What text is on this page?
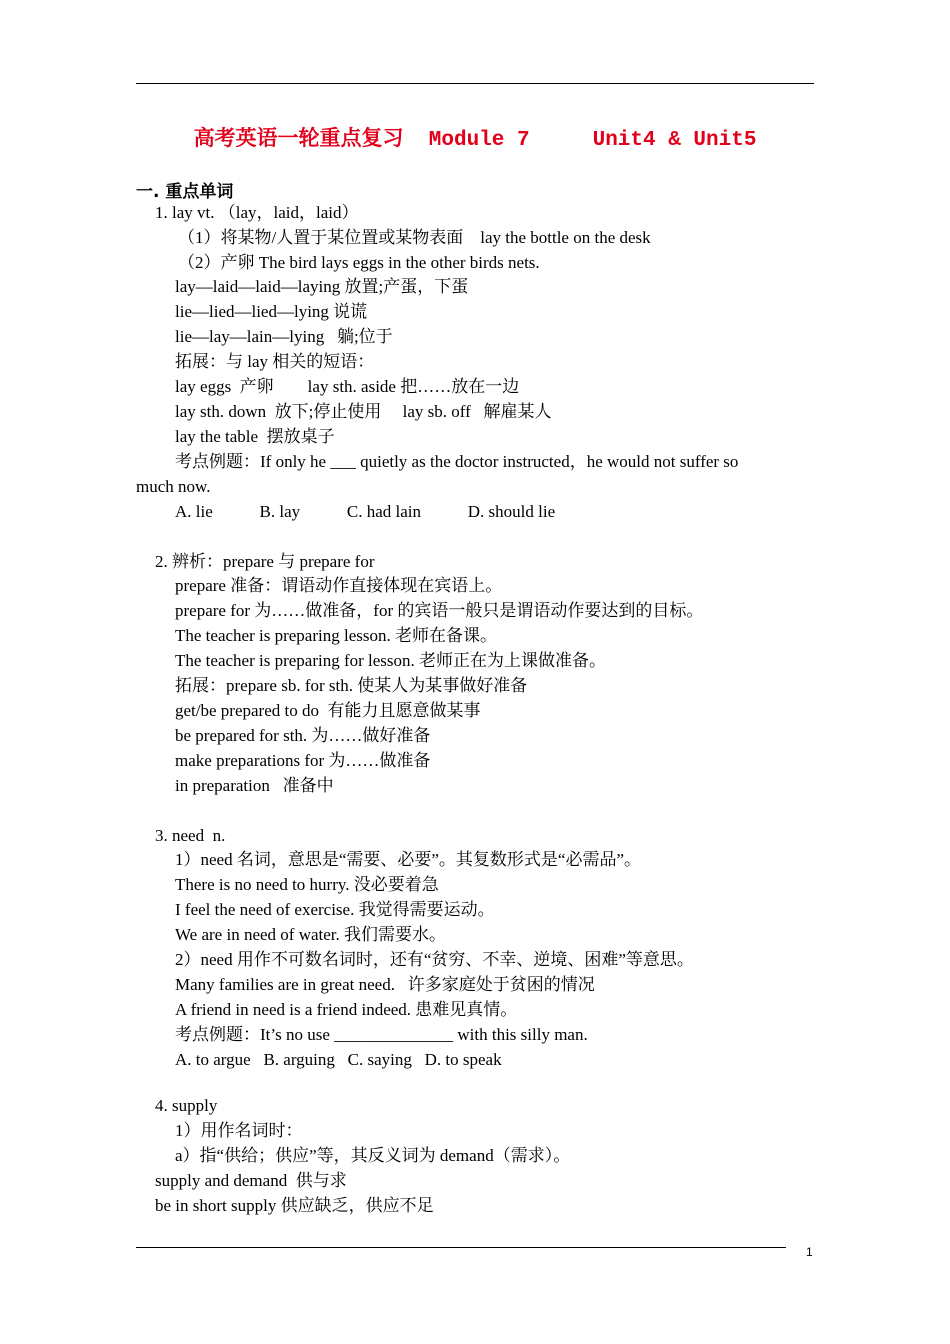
高考英语一轮重点复习  Module 7     Unit4 & Unit5
一. 重点单词
1. lay vt. （lay，laid，laid）
（1）将某物/人置于某位置或某物表面    lay the bottle on the desk
（2）产卵 The bird lays eggs in the other birds nets.
lay—laid—laid—laying 放置;产蛋，下蛋
lie—lied—lied—lying 说谎
lie—lay—lain—lying   躺;位于
拓展：与 lay 相关的短语：
lay eggs  产卵        lay sth. aside 把……放在一边
lay sth. down  放下;停止使用     lay sb. off   解雇某人
lay the table  摆放桌子
考点例题：If only he ___ quietly as the doctor instructed，he would not suffer so
much now.
A. lie           B. lay           C. had lain           D. should lie
2. 辨析：prepare 与 prepare for
prepare 准备：谓语动作直接体现在宾语上。
prepare for 为……做准备，for 的宾语一般只是谓语动作要达到的目标。
The teacher is preparing lesson. 老师在备课。
The teacher is preparing for lesson. 老师正在为上课做准备。
拓展：prepare sb. for sth. 使某人为某事做好准备
get/be prepared to do  有能力且愿意做某事
be prepared for sth. 为……做好准备
make preparations for 为……做准备
in preparation   准备中
3. need  n.
1）need 名词，意思是“需要、必要”。其复数形式是“必需品”。
There is no need to hurry. 没必要着急
I feel the need of exercise. 我觉得需要运动。
We are in need of water. 我们需要水。
2）need 用作不可数名词时，还有“贫穷、不幸、逆境、困难”等意思。
Many families are in great need.   许多家庭处于贫困的情况
A friend in need is a friend indeed. 患难见真情。
考点例题：It’s no use ______________ with this silly man.
A. to argue   B. arguing   C. saying   D. to speak
4. supply
1）用作名词时：
a）指“供给；供应”等，其反义词为 demand（需求）。
supply and demand  供与求
be in short supply 供应缺乏，供应不足
1
